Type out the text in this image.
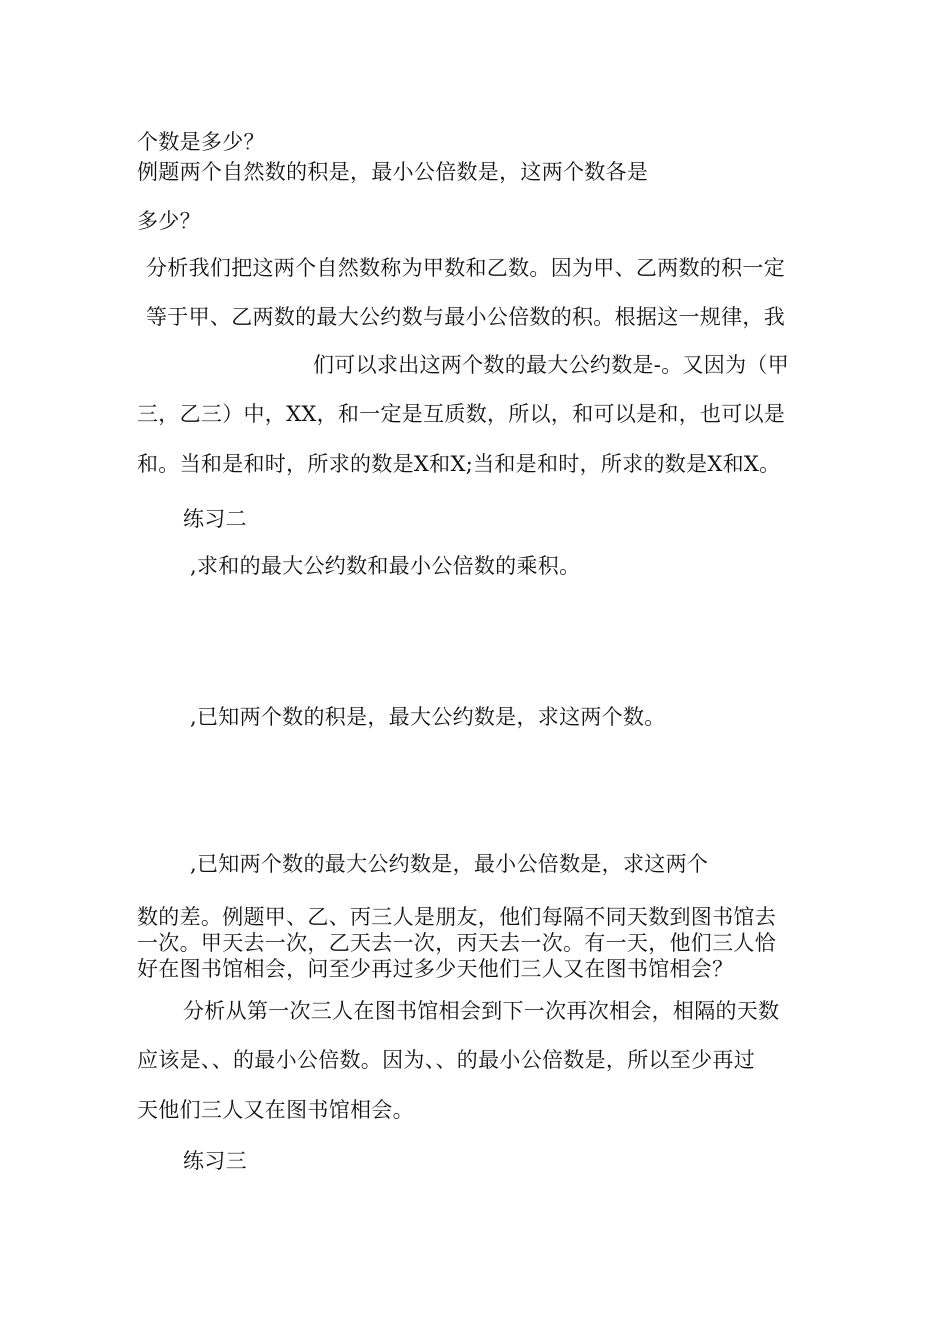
个数是多少？

例题两个自然数的积是，最小公倍数是，这两个数各是

多少？

分析我们把这两个自然数称为甲数和乙数。因为甲、乙两数的积一定

等于甲、乙两数的最大公约数与最小公倍数的积。根据这一规律，我

们可以求出这两个数的最大公约数是-。又因为（甲

三，乙三）中，XX，和一定是互质数，所以，和可以是和，也可以是

和。当和是和时，所求的数是X和X;当和是和时，所求的数是X和X。

练习二

,求和的最大公约数和最小公倍数的乘积。

,已知两个数的积是，最大公约数是，求这两个数。

,已知两个数的最大公约数是，最小公倍数是，求这两个

数的差。例题甲、乙、丙三人是朋友，他们每隔不同天数到图书馆去

一次。甲天去一次，乙天去一次，丙天去一次。有一天，他们三人恰

好在图书馆相会，问至少再过多少天他们三人又在图书馆相会？

分析从第一次三人在图书馆相会到下一次再次相会，相隔的天数

应该是、、的最小公倍数。因为、、的最小公倍数是，所以至少再过

天他们三人又在图书馆相会。

练习三
